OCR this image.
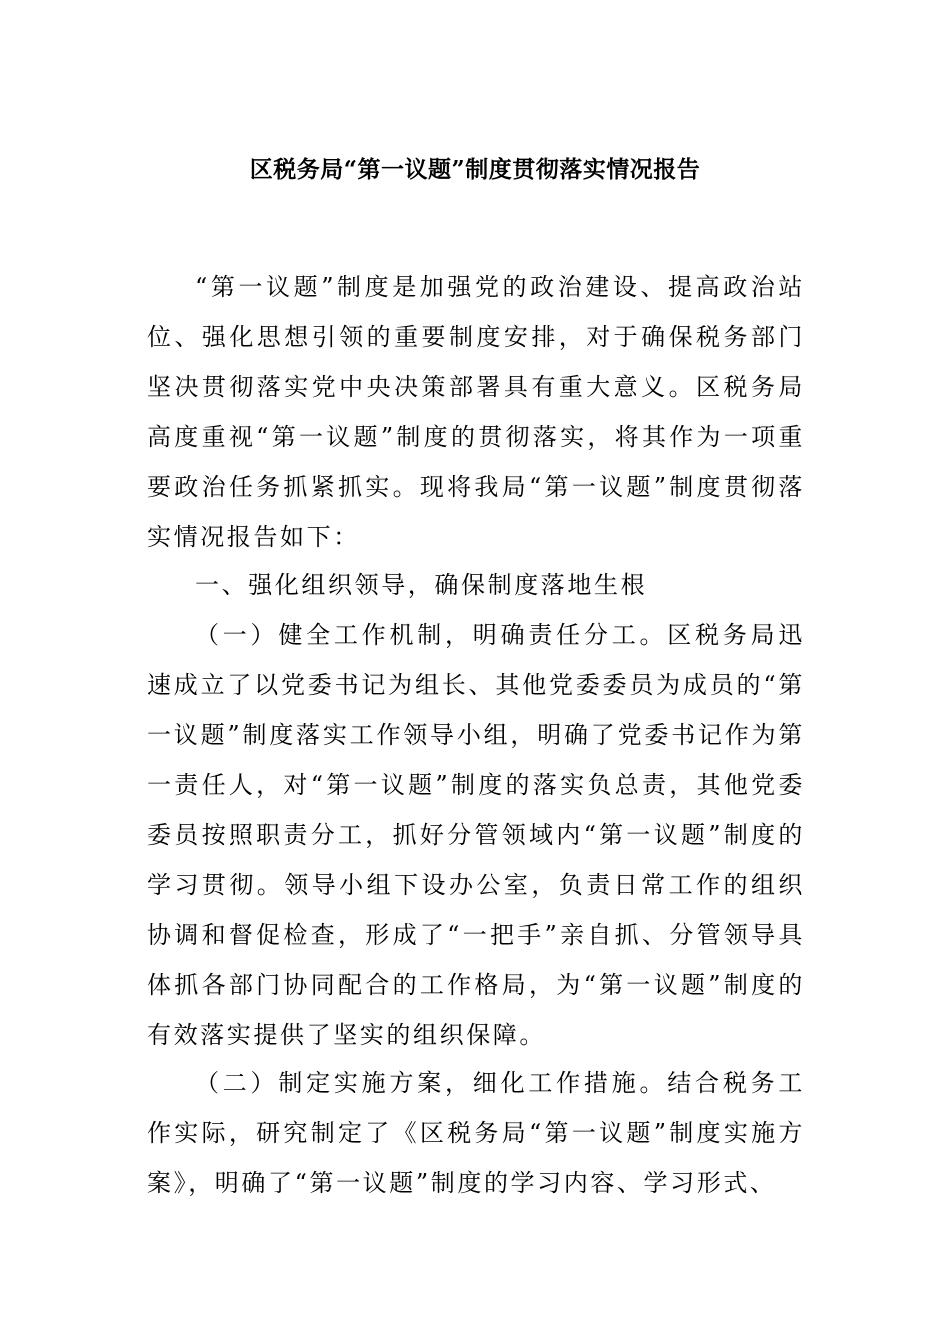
区税务局“第一议题”制度贯彻落实情况报告

“第一议题”制度是加强党的政治建设、提高政治站位、强化思想引领的重要制度安排，对于确保税务部门坚决贯彻落实党中央决策部署具有重大意义。区税务局高度重视“第一议题”制度的贯彻落实，将其作为一项重要政治任务抓紧抓实。现将我局“第一议题”制度贯彻落实情况报告如下：

一、强化组织领导，确保制度落地生根

（一）健全工作机制，明确责任分工。区税务局迅速成立了以党委书记为组长、其他党委委员为成员的“第一议题”制度落实工作领导小组，明确了党委书记作为第一责任人，对“第一议题”制度的落实负总责，其他党委委员按照职责分工，抓好分管领域内“第一议题”制度的学习贯彻。领导小组下设办公室，负责日常工作的组织协调和督促检查，形成了“一把手”亲自抓、分管领导具体抓各部门协同配合的工作格局，为“第一议题”制度的有效落实提供了坚实的组织保障。

（二）制定实施方案，细化工作措施。结合税务工作实际，研究制定了《区税务局“第一议题”制度实施方案》，明确了“第一议题”制度的学习内容、学习形式、
